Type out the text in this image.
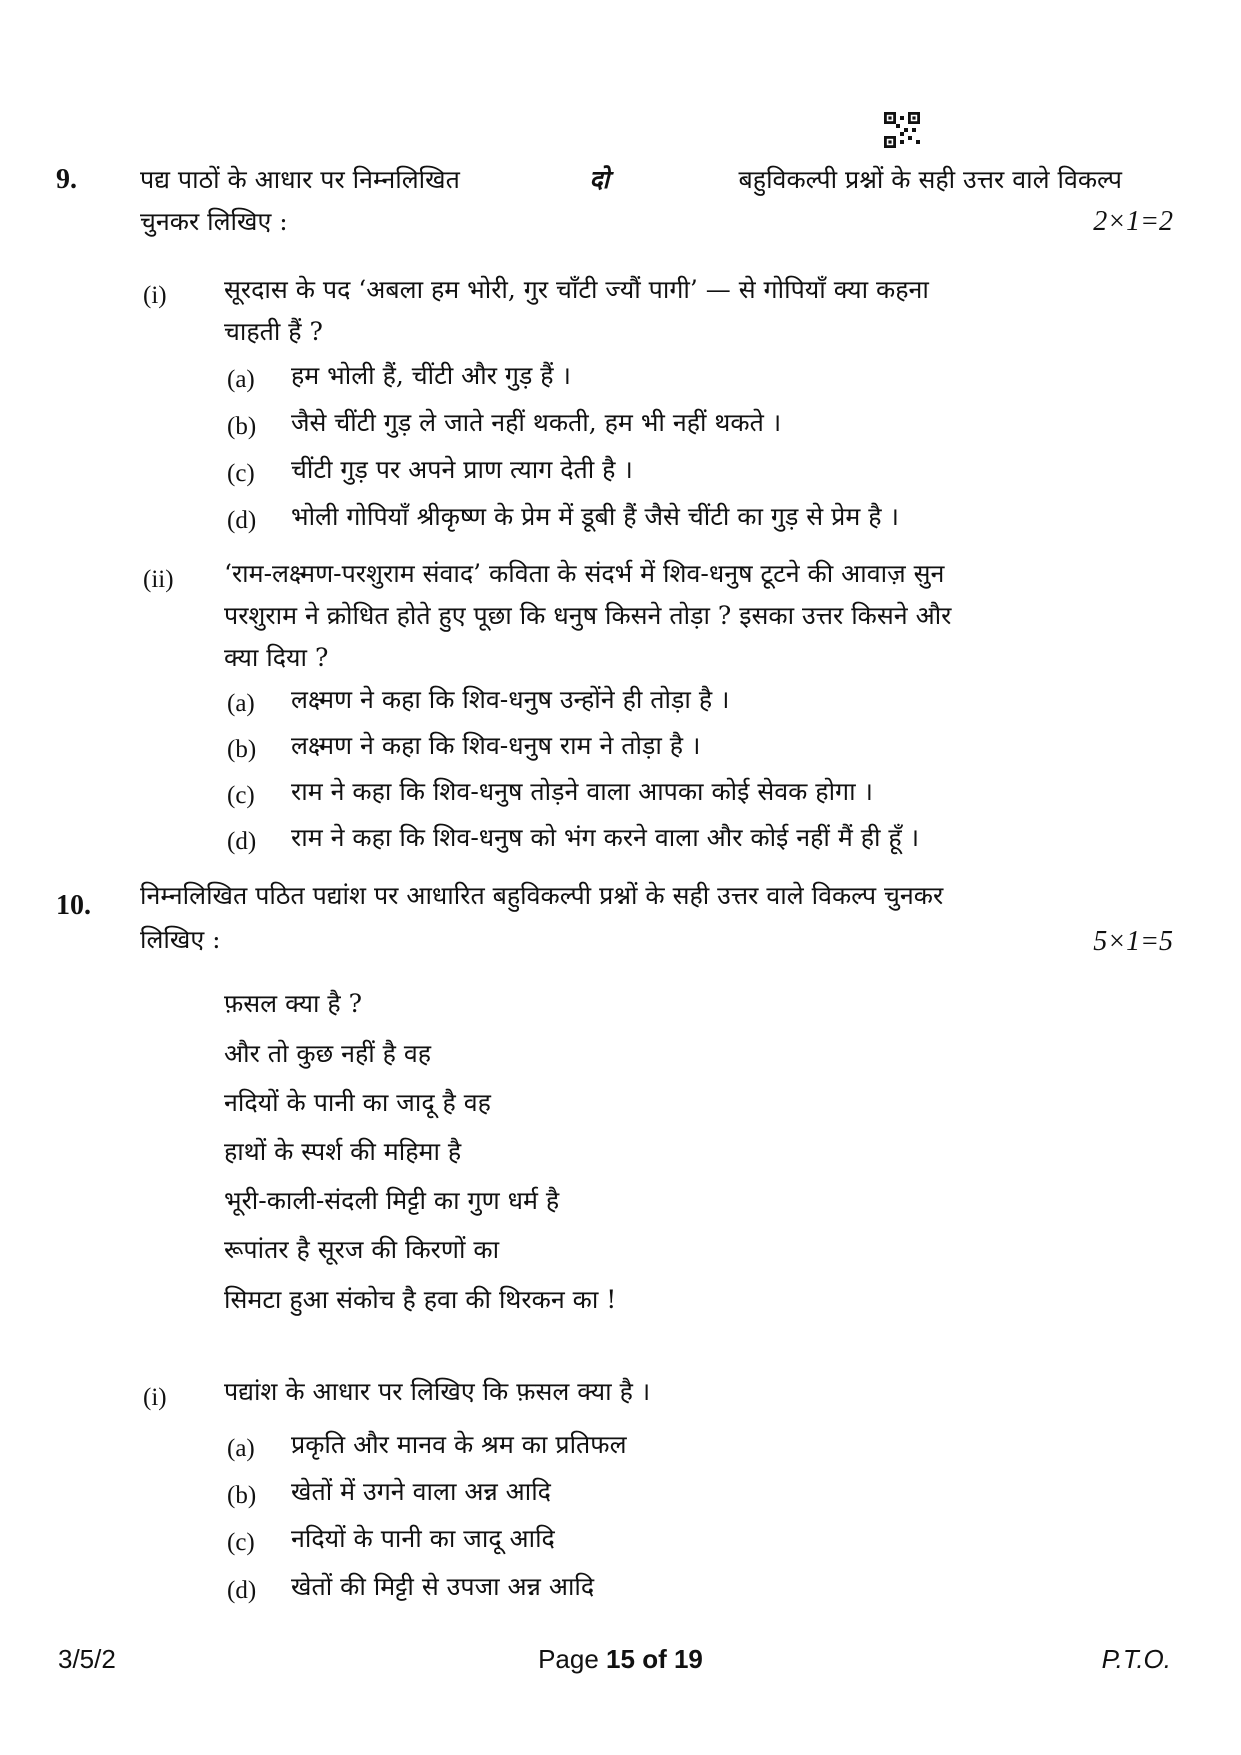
9.	पद्य पाठों के आधार पर निम्नलिखित	दो	बहुविकल्पी प्रश्नों के सही उत्तर वाले विकल्प
चुनकर लिखिए :	2×1=2
(i) सूरदास के पद ‘अबला हम भोरी, गुर चाँटी ज्यौं पागी’ — से गोपियाँ क्या कहना
चाहती हैं ?
(a) हम भोली हैं, चींटी और गुड़ हैं ।
(b) जैसे चींटी गुड़ ले जाते नहीं थकती, हम भी नहीं थकते ।
(c) चींटी गुड़ पर अपने प्राण त्याग देती है ।
(d) भोली गोपियाँ श्रीकृष्ण के प्रेम में डूबी हैं जैसे चींटी का गुड़ से प्रेम है ।
(ii) ‘राम-लक्ष्मण-परशुराम संवाद’ कविता के संदर्भ में शिव-धनुष टूटने की आवाज़ सुन
परशुराम ने क्रोधित होते हुए पूछा कि धनुष किसने तोड़ा ? इसका उत्तर किसने और
क्या दिया ?
(a) लक्ष्मण ने कहा कि शिव-धनुष उन्होंने ही तोड़ा है ।
(b) लक्ष्मण ने कहा कि शिव-धनुष राम ने तोड़ा है ।
(c) राम ने कहा कि शिव-धनुष तोड़ने वाला आपका कोई सेवक होगा ।
(d) राम ने कहा कि शिव-धनुष को भंग करने वाला और कोई नहीं मैं ही हूँ ।
10. निम्नलिखित पठित पद्यांश पर आधारित बहुविकल्पी प्रश्नों के सही उत्तर वाले विकल्प चुनकर
लिखिए :	5×1=5
फ़सल क्या है ?
और तो कुछ नहीं है वह
नदियों के पानी का जादू है वह
हाथों के स्पर्श की महिमा है
भूरी-काली-संदली मिट्टी का गुण धर्म है
रूपांतर है सूरज की किरणों का
सिमटा हुआ संकोच है हवा की थिरकन का !
(i) पद्यांश के आधार पर लिखिए कि फ़सल क्या है ।
(a) प्रकृति और मानव के श्रम का प्रतिफल
(b) खेतों में उगने वाला अन्न आदि
(c) नदियों के पानी का जादू आदि
(d) खेतों की मिट्टी से उपजा अन्न आदि
3/5/2	Page 15 of 19	P.T.O.
